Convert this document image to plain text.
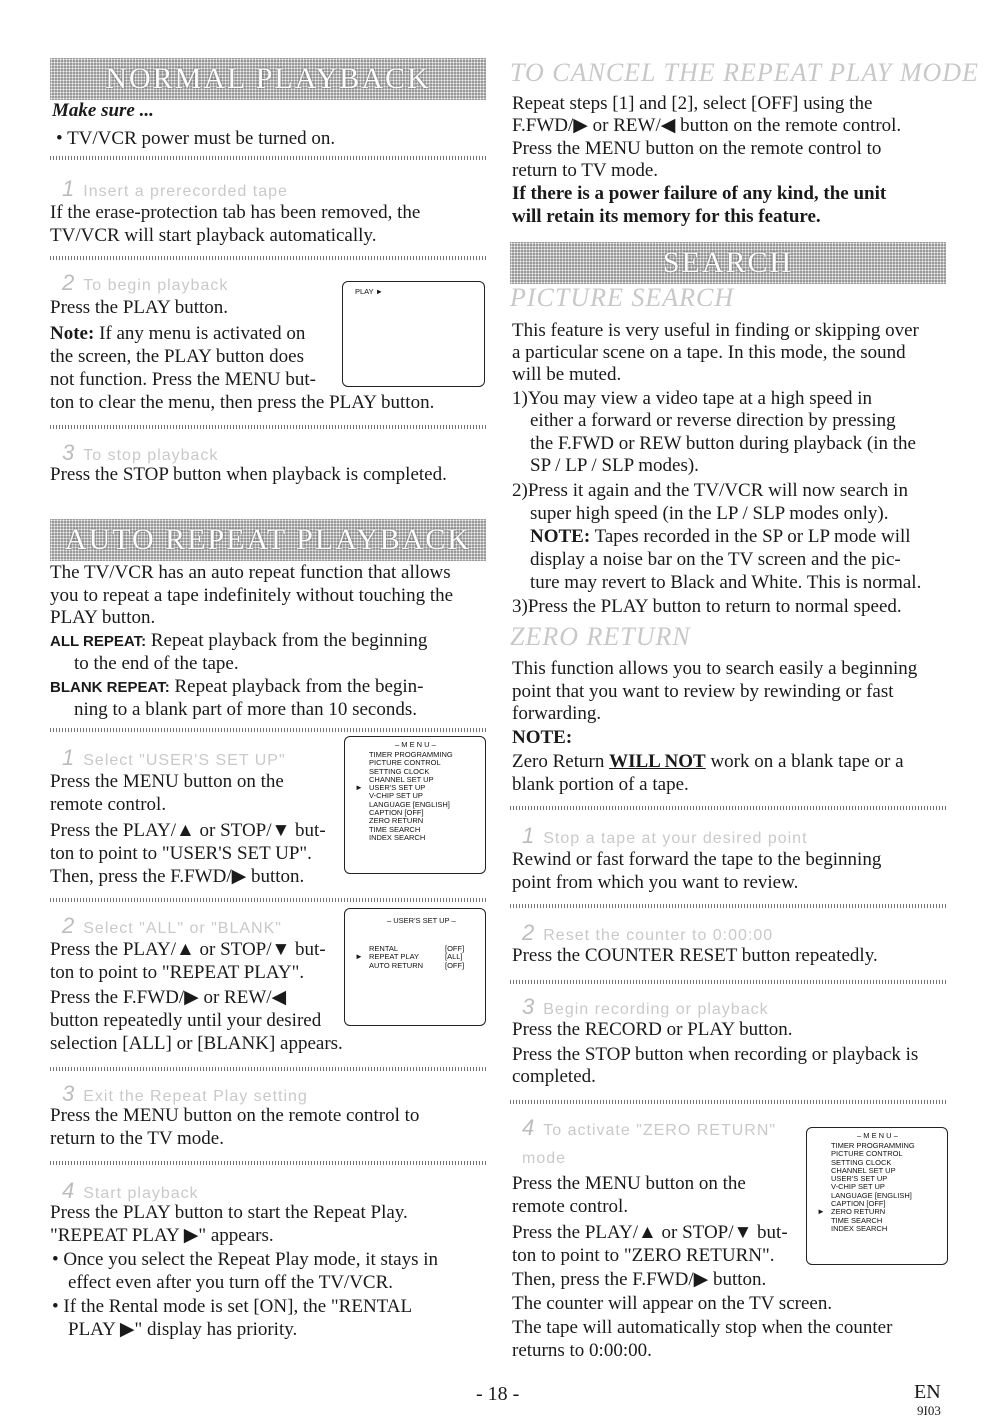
NORMAL PLAYBACK
Make sure ...
• TV/VCR power must be turned on.
1 Insert a prerecorded tape
If the erase-protection tab has been removed, the
TV/VCR will start playback automatically.
2 To begin playback
Press the PLAY button.
Note: If any menu is activated on
the screen, the PLAY button does
not function. Press the MENU but-
ton to clear the menu, then press the PLAY button.
PLAY ►
3 To stop playback
Press the STOP button when playback is completed.
AUTO REPEAT PLAYBACK
The TV/VCR has an auto repeat function that allows
you to repeat a tape indefinitely without touching the
PLAY button.
ALL REPEAT: Repeat playback from the beginning
to the end of the tape.
BLANK REPEAT: Repeat playback from the begin-
ning to a blank part of more than 10 seconds.
1 Select "USER'S SET UP"
Press the MENU button on the
remote control.
Press the PLAY/▲ or STOP/▼ but-
ton to point to "USER'S SET UP".
Then, press the F.FWD/▶ button.
– M E N U –
TIMER PROGRAMMING
PICTURE CONTROL
SETTING CLOCK
CHANNEL SET UP
USER'S SET UP
V-CHIP SET UP
LANGUAGE [ENGLISH]
CAPTION [OFF]
ZERO RETURN
TIME SEARCH
INDEX SEARCH
►
2 Select "ALL" or "BLANK"
Press the PLAY/▲ or STOP/▼ but-
ton to point to "REPEAT PLAY".
Press the F.FWD/▶ or REW/◀
button repeatedly until your desired
selection [ALL] or [BLANK] appears.
– USER'S SET UP –
RENTAL
REPEAT PLAY
AUTO RETURN
[OFF]
[ALL]
[OFF]
►
3 Exit the Repeat Play setting
Press the MENU button on the remote control to
return to the TV mode.
4 Start playback
Press the PLAY button to start the Repeat Play.
"REPEAT PLAY ▶" appears.
• Once you select the Repeat Play mode, it stays in
effect even after you turn off the TV/VCR.
• If the Rental mode is set [ON], the "RENTAL
PLAY ▶" display has priority.
TO CANCEL THE REPEAT PLAY MODE
Repeat steps [1] and [2], select [OFF] using the
F.FWD/▶ or REW/◀ button on the remote control.
Press the MENU button on the remote control to
return to TV mode.
If there is a power failure of any kind, the unit
will retain its memory for this feature.
SEARCH
PICTURE SEARCH
This feature is very useful in finding or skipping over
a particular scene on a tape. In this mode, the sound
will be muted.
1)You may view a video tape at a high speed in
either a forward or reverse direction by pressing
the F.FWD or REW button during playback (in the
SP / LP / SLP modes).
2)Press it again and the TV/VCR will now search in
super high speed (in the LP / SLP modes only).
NOTE: Tapes recorded in the SP or LP mode will
display a noise bar on the TV screen and the pic-
ture may revert to Black and White. This is normal.
3)Press the PLAY button to return to normal speed.
ZERO RETURN
This function allows you to search easily a beginning
point that you want to review by rewinding or fast
forwarding.
NOTE:
Zero Return WILL NOT work on a blank tape or a
blank portion of a tape.
1 Stop a tape at your desired point
Rewind or fast forward the tape to the beginning
point from which you want to review.
2 Reset the counter to 0:00:00
Press the COUNTER RESET button repeatedly.
3 Begin recording or playback
Press the RECORD or PLAY button.
Press the STOP button when recording or playback is
completed.
4 To activate "ZERO RETURN"
mode
Press the MENU button on the
remote control.
Press the PLAY/▲ or STOP/▼ but-
ton to point to "ZERO RETURN".
Then, press the F.FWD/▶ button.
The counter will appear on the TV screen.
The tape will automatically stop when the counter
returns to 0:00:00.
– M E N U –
TIMER PROGRAMMING
PICTURE CONTROL
SETTING CLOCK
CHANNEL SET UP
USER'S SET UP
V-CHIP SET UP
LANGUAGE [ENGLISH]
CAPTION [OFF]
ZERO RETURN
TIME SEARCH
INDEX SEARCH
►
- 18 -	EN
9I03
